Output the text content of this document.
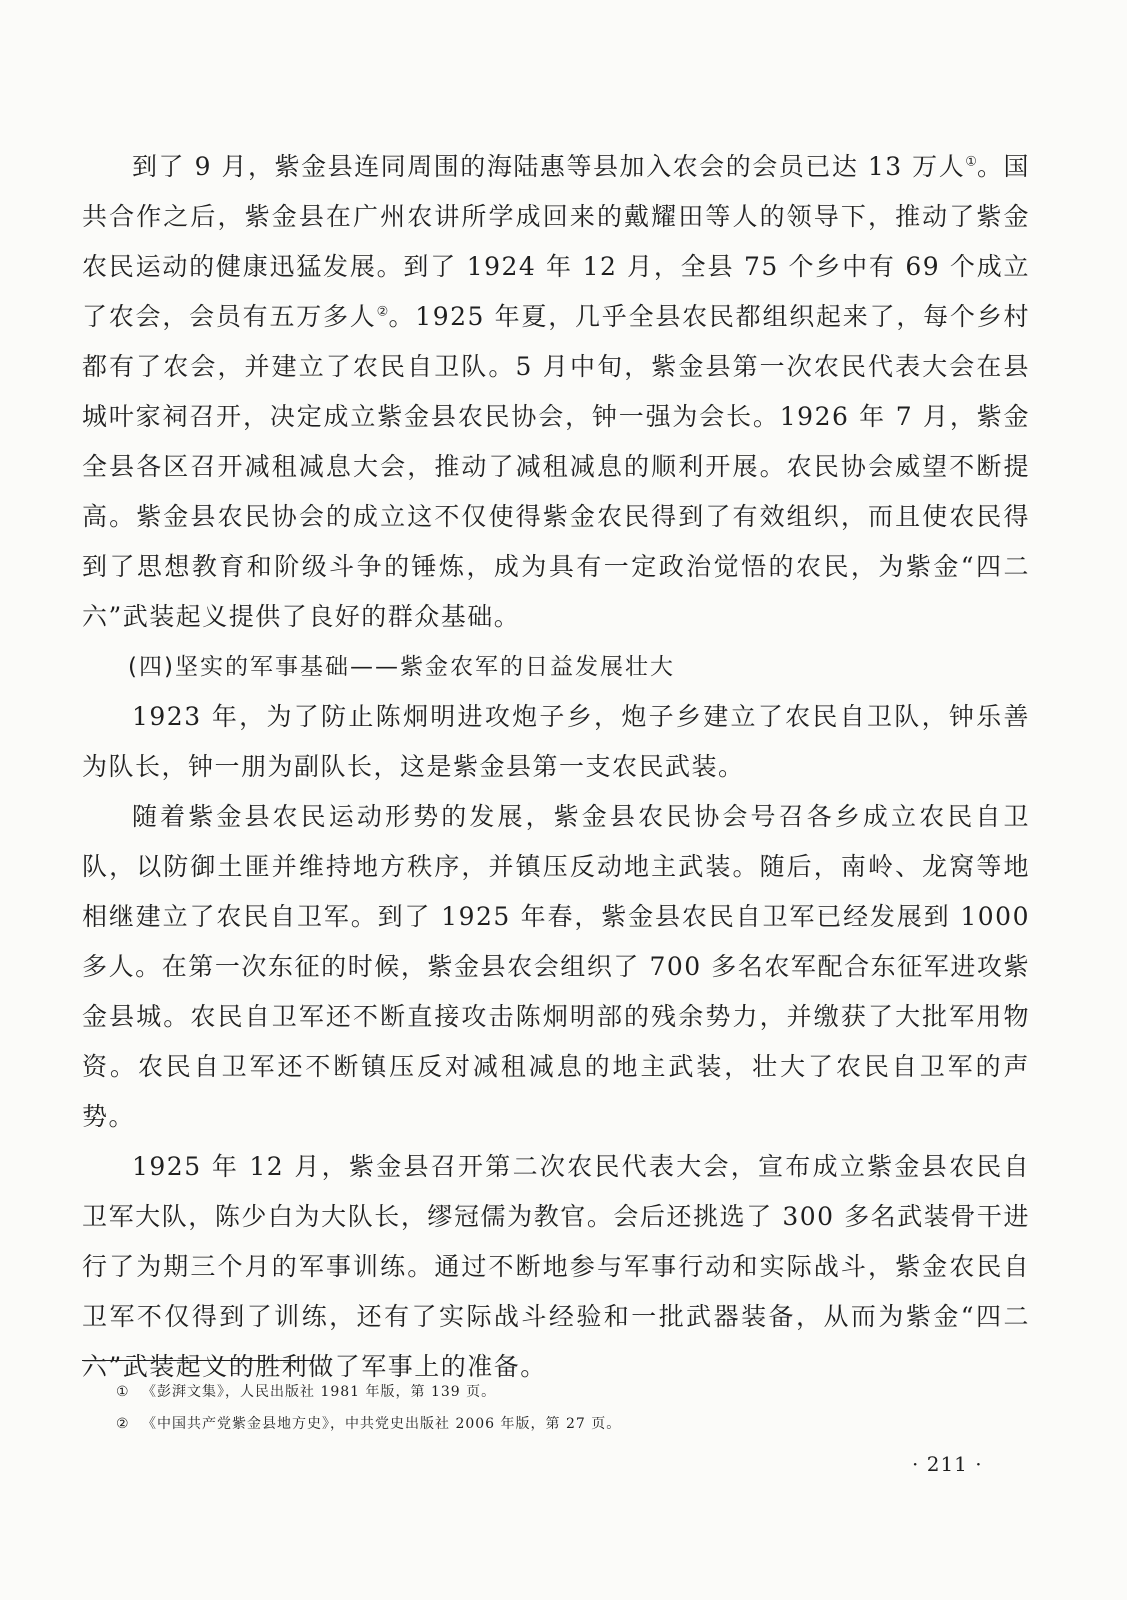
到了 9 月，紫金县连同周围的海陆惠等县加入农会的会员已达 13 万人①。国共合作之后，紫金县在广州农讲所学成回来的戴耀田等人的领导下，推动了紫金农民运动的健康迅猛发展。到了 1924 年 12 月，全县 75 个乡中有 69 个成立了农会，会员有五万多人②。1925 年夏，几乎全县农民都组织起来了，每个乡村都有了农会，并建立了农民自卫队。5 月中旬，紫金县第一次农民代表大会在县城叶家祠召开，决定成立紫金县农民协会，钟一强为会长。1926 年 7 月，紫金全县各区召开减租减息大会，推动了减租减息的顺利开展。农民协会威望不断提高。紫金县农民协会的成立这不仅使得紫金农民得到了有效组织，而且使农民得到了思想教育和阶级斗争的锤炼，成为具有一定政治觉悟的农民，为紫金“四二六”武装起义提供了良好的群众基础。

(四)坚实的军事基础——紫金农军的日益发展壮大

1923 年，为了防止陈炯明进攻炮子乡，炮子乡建立了农民自卫队，钟乐善为队长，钟一朋为副队长，这是紫金县第一支农民武装。

随着紫金县农民运动形势的发展，紫金县农民协会号召各乡成立农民自卫队，以防御土匪并维持地方秩序，并镇压反动地主武装。随后，南岭、龙窝等地相继建立了农民自卫军。到了 1925 年春，紫金县农民自卫军已经发展到 1000 多人。在第一次东征的时候，紫金县农会组织了 700 多名农军配合东征军进攻紫金县城。农民自卫军还不断直接攻击陈炯明部的残余势力，并缴获了大批军用物资。农民自卫军还不断镇压反对减租减息的地主武装，壮大了农民自卫军的声势。

1925 年 12 月，紫金县召开第二次农民代表大会，宣布成立紫金县农民自卫军大队，陈少白为大队长，缪冠儒为教官。会后还挑选了 300 多名武装骨干进行了为期三个月的军事训练。通过不断地参与军事行动和实际战斗，紫金农民自卫军不仅得到了训练，还有了实际战斗经验和一批武器装备，从而为紫金“四二六”武装起义的胜利做了军事上的准备。

① 《彭湃文集》，人民出版社 1981 年版，第 139 页。
② 《中国共产党紫金县地方史》，中共党史出版社 2006 年版，第 27 页。
· 211 ·
